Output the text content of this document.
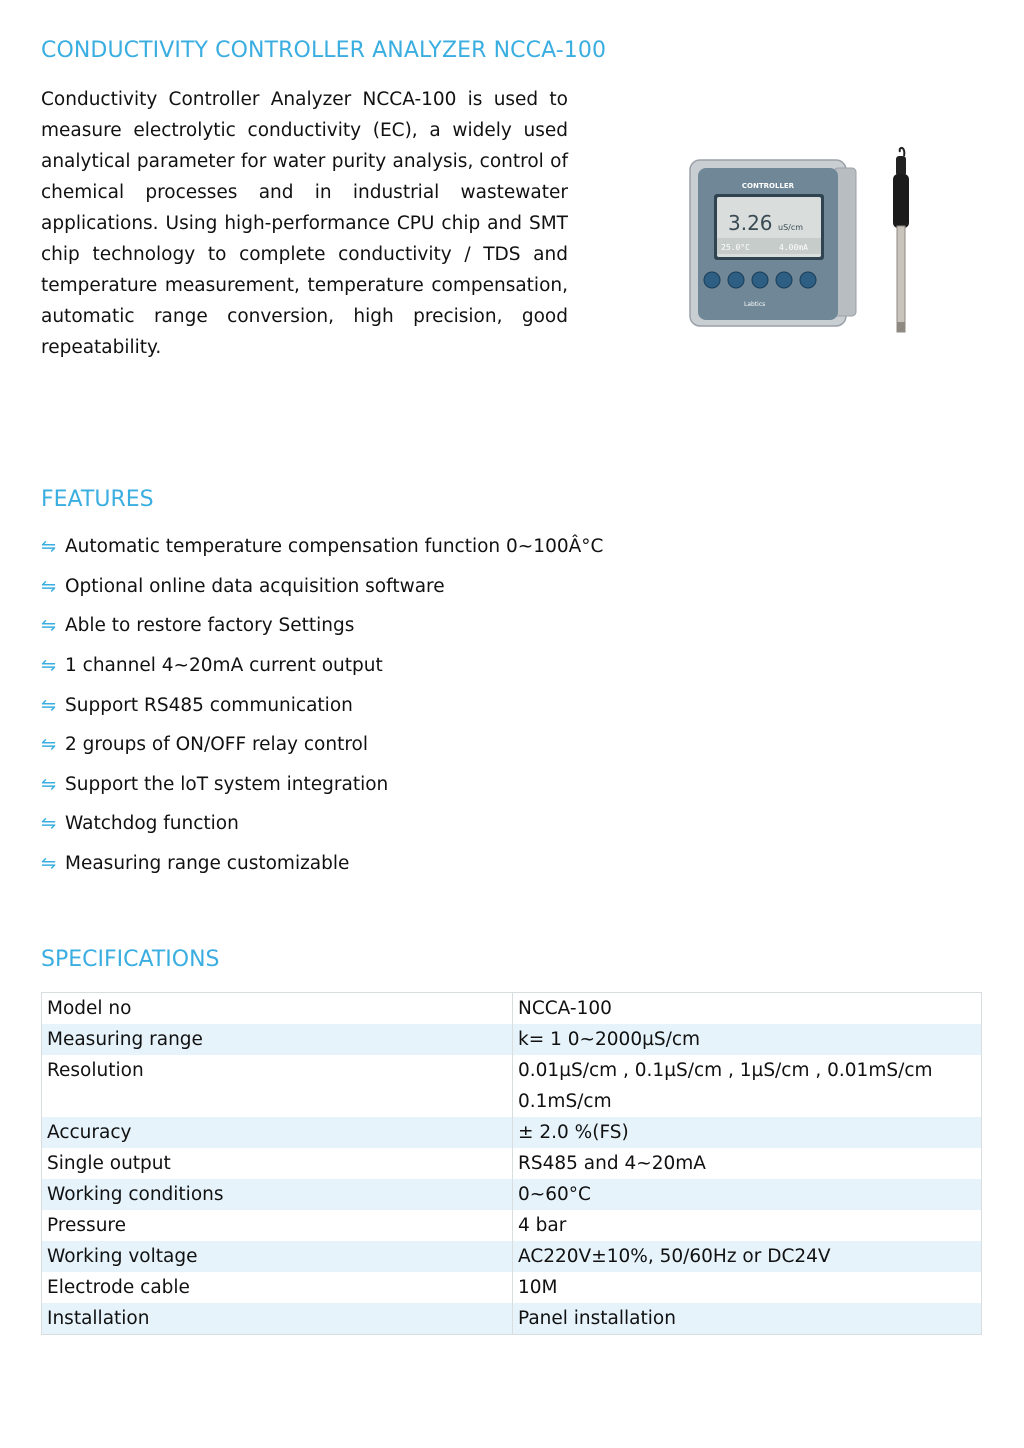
CONDUCTIVITY CONTROLLER ANALYZER NCCA-100

Conductivity Controller Analyzer NCCA-100 is used to measure electrolytic conductivity (EC), a widely used analytical parameter for water purity analysis, control of chemical processes and in industrial wastewater applications. Using high-performance CPU chip and SMT chip technology to complete conductivity / TDS and temperature measurement, temperature compensation, automatic range conversion, high precision, good repeatability.

CONTROLLER
3.26 uS/cm
25.0°C	4.00mA
Labtics
FEATURES
⇋ Automatic temperature compensation function 0~100Â°C
⇋ Optional online data acquisition software
⇋ Able to restore factory Settings
⇋ 1 channel 4~20mA current output
⇋ Support RS485 communication
⇋ 2 groups of ON/OFF relay control
⇋ Support the loT system integration
⇋ Watchdog function
⇋ Measuring range customizable
SPECIFICATIONS
Model no	NCCA-100
Measuring range	k= 1 0~2000µS/cm
Resolution	0.01µS/cm , 0.1µS/cm , 1µS/cm , 0.01mS/cm 0.1mS/cm
Accuracy	± 2.0 %(FS)
Single output	RS485 and 4~20mA
Working conditions	0~60°C
Pressure	4 bar
Working voltage	AC220V±10%, 50/60Hz or DC24V
Electrode cable	10M
Installation	Panel installation
